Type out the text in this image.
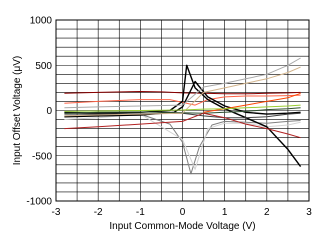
-3	-2	-1	0	1	2	3
1000
500
0
-500
-1000
Input Common-Mode Voltage (V)
Input Offset Voltage (μV)
